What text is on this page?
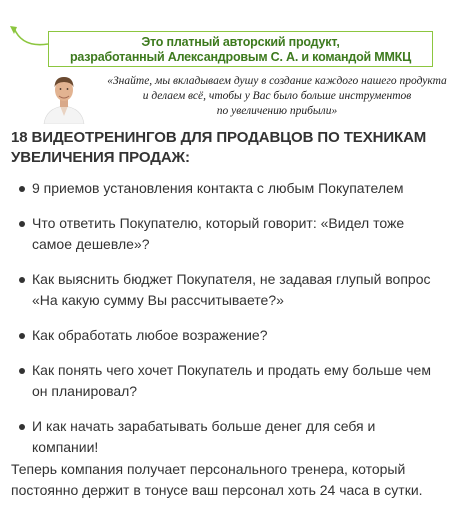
Это платный авторский продукт,
разработанный Александровым С. А. и командой ММКЦ
«Знайте, мы вкладываем душу в создание каждого нашего продукта
и делаем всё, чтобы у Вас было больше инструментов
по увеличению прибыли»
18 ВИДЕОТРЕНИНГОВ ДЛЯ ПРОДАВЦОВ ПО ТЕХНИКАМ
УВЕЛИЧЕНИЯ ПРОДАЖ:
9 приемов установления контакта с любым Покупателем
Что ответить Покупателю, который говорит: «Видел тоже
самое дешевле»?
Как выяснить бюджет Покупателя, не задавая глупый вопрос
«На какую сумму Вы рассчитываете?»
Как обработать любое возражение?
Как понять чего хочет Покупатель и продать ему больше чем
он планировал?
И как начать зарабатывать больше денег для себя и
компании!
Теперь компания получает персонального тренера, который
постоянно держит в тонусе ваш персонал хоть 24 часа в сутки.
